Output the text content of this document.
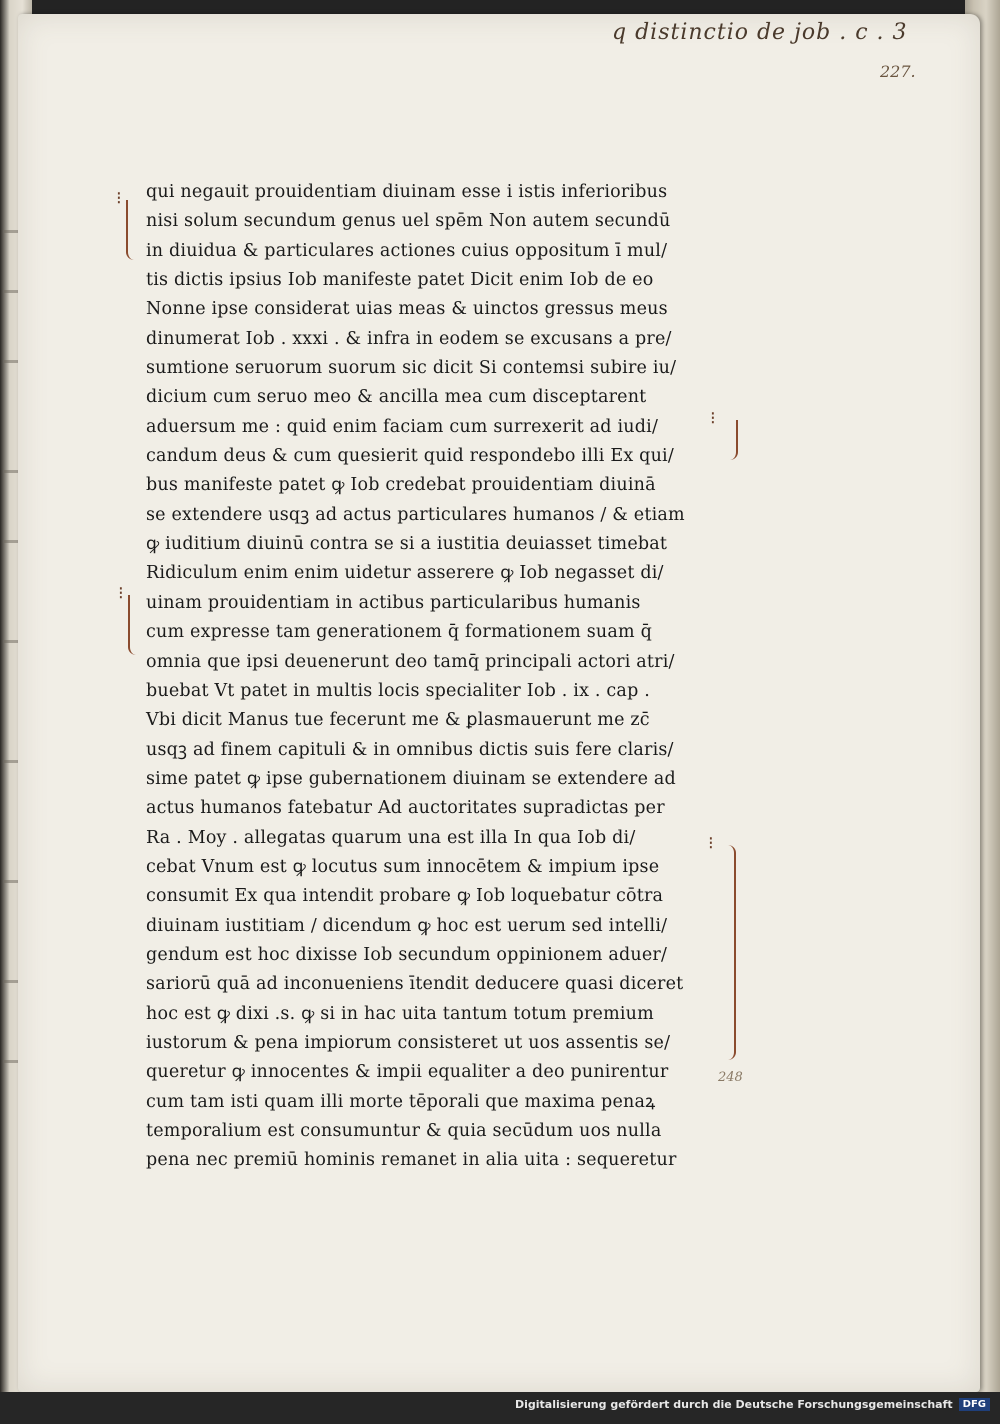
q distinctio de job . c . 3
227.
⁝
⁝
⁝
⁝
qui negauit prouidentiam diuinam esse i istis inferioribus
nisi solum secundum genus uel spēm Non autem secundū
in diuidua & particulares actiones cuius oppositum ī mul/
tis dictis ipsius Iob manifeste patet Dicit enim Iob de eo
Nonne ipse considerat uias meas & uinctos gressus meus
dinumerat Iob . xxxi . & infra in eodem se excusans a pre/
sumtione seruorum suorum sic dicit Si contemsi subire iu/
dicium cum seruo meo & ancilla mea cum disceptarent
aduersum me : quid enim faciam cum surrexerit ad iudi/
candum deus & cum quesierit quid respondebo illi Ex qui/
bus manifeste patet ꝙ Iob credebat prouidentiam diuinā
se extendere usqꝫ ad actus particulares humanos / & etiam
ꝙ iuditium diuinū contra se si a iustitia deuiasset timebat
Ridiculum enim enim uidetur asserere ꝙ Iob negasset di/
uinam prouidentiam in actibus particularibus humanis
cum expresse tam generationem q̄ formationem suam q̄
omnia que ipsi deuenerunt deo tamq̄ principali actori atri/
buebat Vt patet in multis locis specialiter Iob . ix . cap .
Vbi dicit Manus tue fecerunt me & ꝑlasmauerunt me zc̄
usqꝫ ad finem capituli & in omnibus dictis suis fere claris/
sime patet ꝙ ipse gubernationem diuinam se extendere ad
actus humanos fatebatur Ad auctoritates supradictas per
Ra . Moy . allegatas quarum una est illa In qua Iob di/
cebat Vnum est ꝙ locutus sum innocētem & impium ipse
consumit Ex qua intendit probare ꝙ Iob loquebatur cōtra
diuinam iustitiam / dicendum ꝙ hoc est uerum sed intelli/
gendum est hoc dixisse Iob secundum oppinionem aduer/
sariorū quā ad inconueniens ītendit deducere quasi diceret
hoc est ꝙ dixi .s. ꝙ si in hac uita tantum totum premium
iustorum & pena impiorum consisteret ut uos assentis se/
queretur ꝙ innocentes & impii equaliter a deo punirentur
cum tam isti quam illi morte tēporali que maxima penaꝝ
temporalium est consumuntur & quia secūdum uos nulla
pena nec premiū hominis remanet in alia uita : sequeretur
248
Digitalisierung gefördert durch die Deutsche Forschungsgemeinschaft	DFG
